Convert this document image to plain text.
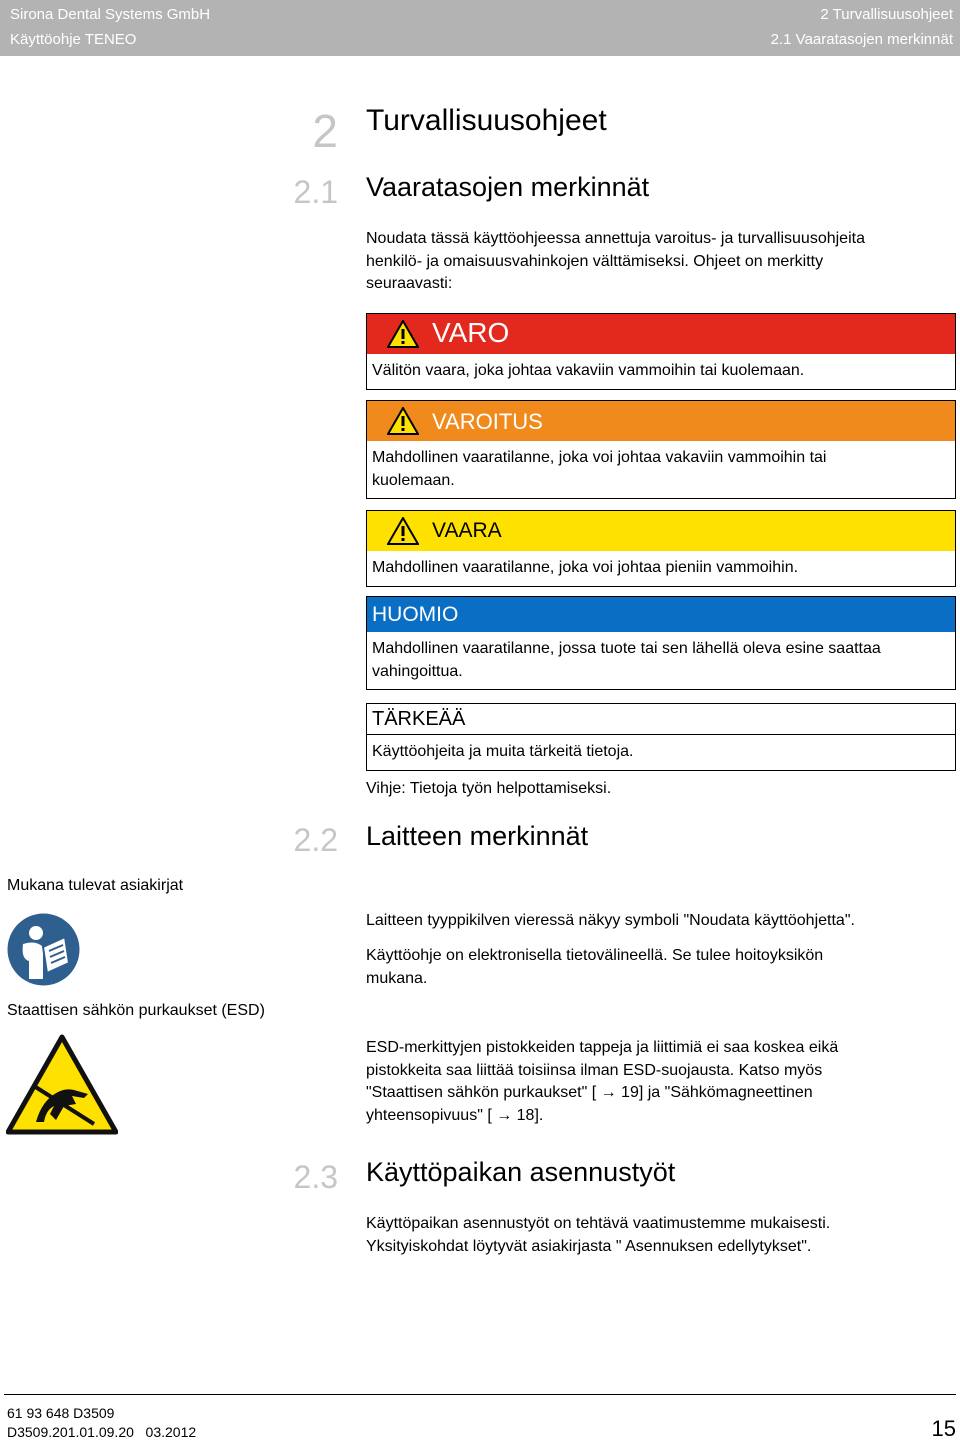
Sirona Dental Systems GmbH
Käyttöohje TENEO
2 Turvallisuusohjeet
2.1 Vaaratasojen merkinnät
2 Turvallisuusohjeet
2.1 Vaaratasojen merkinnät
Noudata tässä käyttöohjeessa annettuja varoitus- ja turvallisuusohjeita
henkilö- ja omaisuusvahinkojen välttämiseksi. Ohjeet on merkitty
seuraavasti:
VARO
Välitön vaara, joka johtaa vakaviin vammoihin tai kuolemaan.
VAROITUS
Mahdollinen vaaratilanne, joka voi johtaa vakaviin vammoihin tai
kuolemaan.
VAARA
Mahdollinen vaaratilanne, joka voi johtaa pieniin vammoihin.
HUOMIO
Mahdollinen vaaratilanne, jossa tuote tai sen lähellä oleva esine saattaa
vahingoittua.
TÄRKEÄÄ
Käyttöohjeita ja muita tärkeitä tietoja.
Vihje: Tietoja työn helpottamiseksi.
2.2 Laitteen merkinnät
Mukana tulevat asiakirjat
Staattisen sähkön purkaukset (ESD)
Laitteen tyyppikilven vieressä näkyy symboli "Noudata käyttöohjetta".
Käyttöohje on elektronisella tietovälineellä. Se tulee hoitoyksikön
mukana.
ESD-merkittyjen pistokkeiden tappeja ja liittimiä ei saa koskea eikä
pistokkeita saa liittää toisiinsa ilman ESD-suojausta. Katso myös
"Staattisen sähkön purkaukset" [ → 19] ja "Sähkömagneettinen
yhteensopivuus" [ → 18].
2.3 Käyttöpaikan asennustyöt
Käyttöpaikan asennustyöt on tehtävä vaatimustemme mukaisesti.
Yksityiskohdat löytyvät asiakirjasta " Asennuksen edellytykset".
61 93 648 D3509
D3509.201.01.09.20   03.2012	15
